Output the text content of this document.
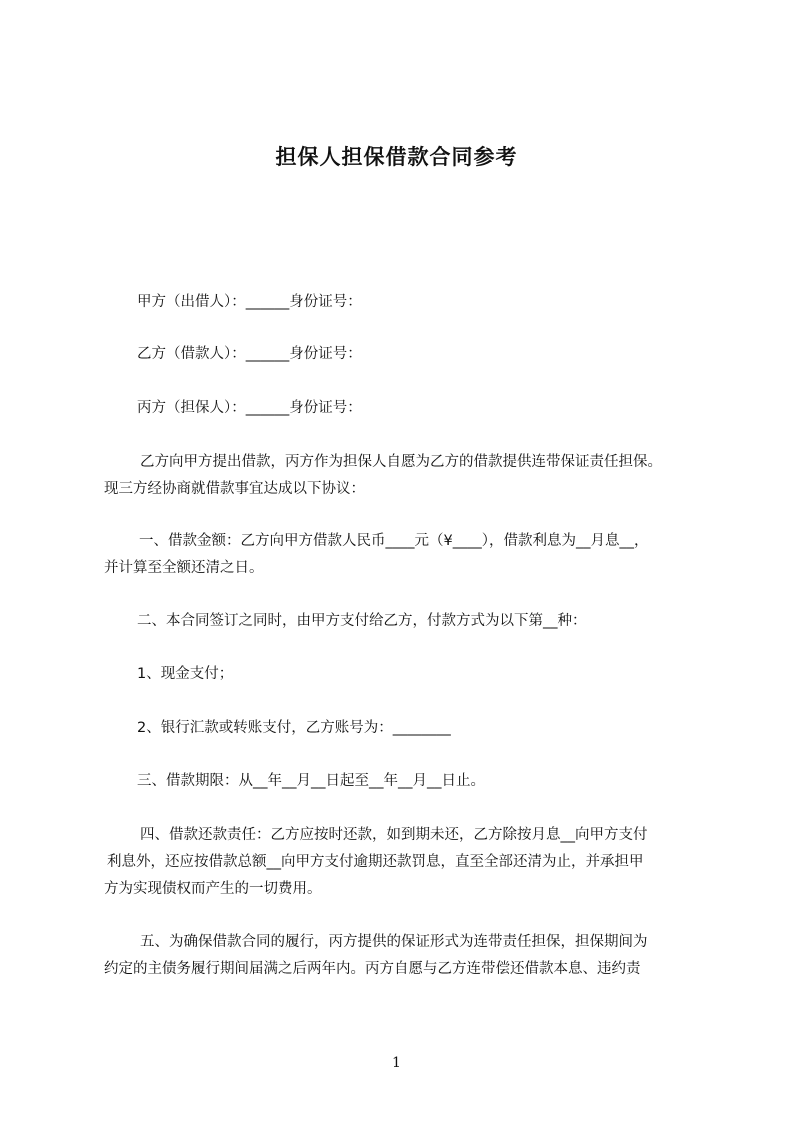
担保人担保借款合同参考

甲方（出借人）：______身份证号：

乙方（借款人）：______身份证号：

丙方（担保人）：______身份证号：

乙方向甲方提出借款，丙方作为担保人自愿为乙方的借款提供连带保证责任担保。

现三方经协商就借款事宜达成以下协议：

一、借款金额：乙方向甲方借款人民币____元（¥____），借款利息为__月息__，

并计算至全额还清之日。

二、本合同签订之同时，由甲方支付给乙方，付款方式为以下第__种：

1、现金支付；

2、银行汇款或转账支付，乙方账号为：________

三、借款期限：从__年__月__日起至__年__月__日止。

四、借款还款责任：乙方应按时还款，如到期未还，乙方除按月息__向甲方支付

利息外，还应按借款总额__向甲方支付逾期还款罚息，直至全部还清为止，并承担甲

方为实现债权而产生的一切费用。

五、为确保借款合同的履行，丙方提供的保证形式为连带责任担保，担保期间为

约定的主债务履行期间届满之后两年内。丙方自愿与乙方连带偿还借款本息、违约责

1
